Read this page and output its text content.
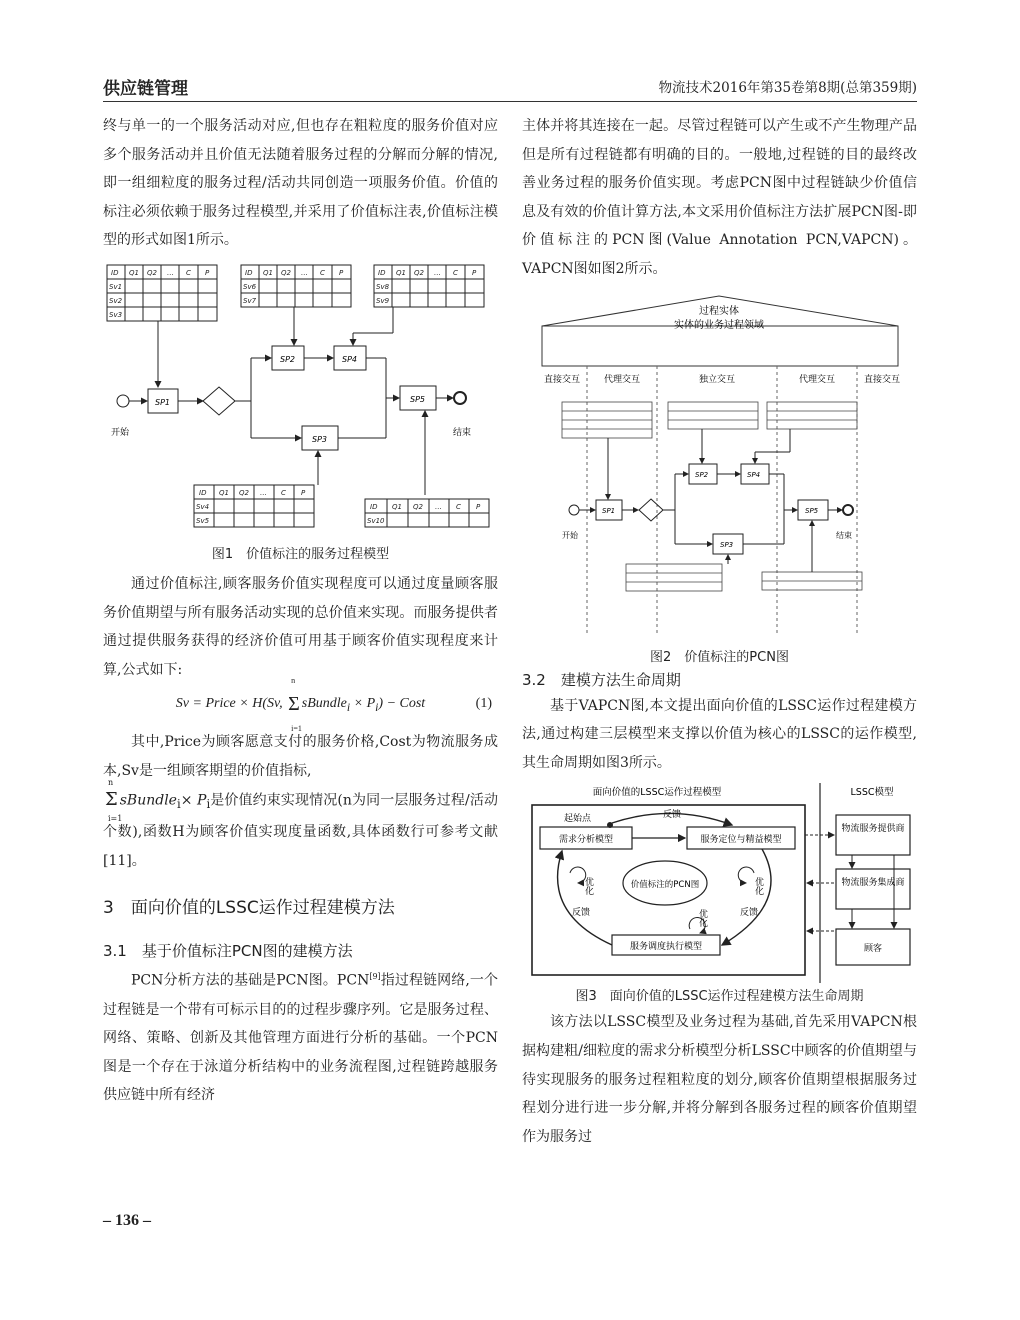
供应链管理	物流技术2016年第35卷第8期(总第359期)

终与单一的一个服务活动对应,但也存在粗粒度的服务价值对应多个服务活动并且价值无法随着服务过程的分解而分解的情况,即一组细粒度的服务过程/活动共同创造一项服务价值。价值的标注必须依赖于服务过程模型,并采用了价值标注表,价值标注模型的形式如图1所示。

ID Q1 Q2 … C P
Sv1
Sv2
Sv3
ID Q1 Q2 … C P
Sv6
Sv7
ID Q1 Q2 … C P
Sv8
Sv9
SP1
SP2	SP4
SP3
SP5
开始	结束
ID Q1 Q2 … C P
Sv4
Sv5
ID Q1 Q2 … C P
Sv10
图1　价值标注的服务过程模型

通过价值标注,顾客服务价值实现程度可以通过度量顾客服务价值期望与所有服务活动实现的总价值来实现。而服务提供者通过提供服务获得的经济价值可用基于顾客价值实现程度来计算,公式如下:

Sv = Price × H(Sv, Σ
n
i=1
sBundle$_i$ × $P_i$) − Cost	(1)

其中,Price为顾客愿意支付的服务价格,Cost为物流服务成本,Sv是一组顾客期望的价值指标,

Σ
n
i=1
sBundle$_i$× $P_i$是价值约束实现情况(n为同一层服务过程/活动个数),函数H为顾客价值实现度量函数,具体函数行可参考文献[11]。

3　面向价值的LSSC运作过程建模方法
3.1　基于价值标注PCN图的建模方法

PCN分析方法的基础是PCN图。PCN[9]指过程链网络,一个过程链是一个带有可标示目的的过程步骤序列。它是服务过程、网络、策略、创新及其他管理方面进行分析的基础。一个PCN图是一个存在于泳道分析结构中的业务流程图,过程链跨越服务供应链中所有经济

主体并将其连接在一起。尽管过程链可以产生或不产生物理产品但是所有过程链都有明确的目的。一般地,过程链的目的最终改善业务过程的服务价值实现。考虑PCN图中过程链缺少价值信息及有效的价值计算方法,本文采用价值标注方法扩展PCN图-即价值标注的PCN图(Value Annotation PCN,VAPCN)。VAPCN图如图2所示。

过程实体
实体的业务过程领域
直接交互	代理交互	独立交互	代理交互	直接交互
SP1
SP2	SP4
SP3
SP5
开始	结束
图2　价值标注的PCN图
3.2　建模方法生命周期

基于VAPCN图,本文提出面向价值的LSSC运作过程建模方法,通过构建三层模型来支撑以价值为核心的LSSC的运作模型,其生命周期如图3所示。

面向价值的LSSC运作过程模型	LSSC模型
起始点	反馈
需求分析模型	服务定位与精益模型
价值标注的PCN图
服务调度执行模型
优化	优化
优化
反馈	反馈
物流服务提供商
物流服务集成商
顾客
图3　面向价值的LSSC运作过程建模方法生命周期

该方法以LSSC模型及业务过程为基础,首先采用VAPCN根据构建粗/细粒度的需求分析模型分析LSSC中顾客的价值期望与待实现服务的服务过程粗粒度的划分,顾客价值期望根据服务过程划分进行进一步分解,并将分解到各服务过程的顾客价值期望作为服务过

– 136 –
